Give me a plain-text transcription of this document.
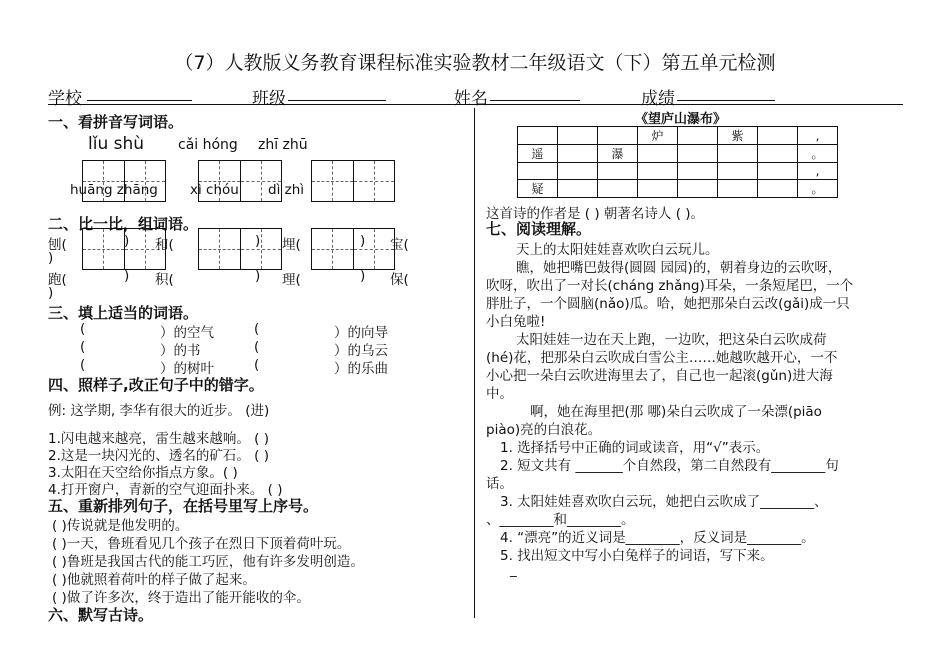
（7）人教版义务教育课程标准实验教材二年级语文（下）第五单元检测
学校	班级	姓名	成绩
一、看拼音写词语。
lǐu shù cǎi hóng zhī zhū
huāng zhāng xì chóu dì zhì
二、比一比，组词语。
刨(	) 和(	) 埋(	) 宝(
)
跑(	) 积(	) 理(	) 保(
)
三、填上适当的词语。
(	）的空气	(	）的向导
(	）的书	(	）的乌云
(	）的树叶	(	）的乐曲
四、照样子,改正句子中的错字。
例: 这学期, 李华有很大的近步。 (进)
1.闪电越来越亮，雷生越来越响。 ( )
2.这是一块闪光的、透名的矿石。 ( )
3.太阳在天空给你指点方象。( )
4.打开窗户，青新的空气迎面扑来。 ( )
五、重新排列句子，在括号里写上序号。
( )传说就是他发明的。
( )一天，鲁班看见几个孩子在烈日下顶着荷叶玩。
( )鲁班是我国古代的能工巧匠，他有许多发明创造。
( )他就照着荷叶的样子做了起来。
( )做了许多次，终于造出了能开能收的伞。
六、默写古诗。
《望庐山瀑布》
			炉		紫		,
遥		瀑					。
							,
疑							。
这首诗的作者是 ( ) 朝著名诗人 ( )。
七、阅读理解。
天上的太阳娃娃喜欢吹白云玩儿。
瞧，她把嘴巴鼓得(圆圆 园园)的，朝着身边的云吹呀，
吹呀，吹出了一对长(cháng zhǎng)耳朵，一条短尾巴，一个
胖肚子，一个圆脑(nǎo)瓜。哈，她把那朵白云改(gǎi)成一只
小白兔啦!
太阳娃娃一边在天上跑，一边吹，把这朵白云吹成荷
(hé)花，把那朵白云吹成白雪公主……她越吹越开心，一不
小心把一朵白云吹进海里去了，自己也一起滚(gǔn)进大海
中。
啊，她在海里把(那 哪)朵白云吹成了一朵漂(piāo
piào)亮的白浪花。
1. 选择括号中正确的词或读音，用“√”表示。
2. 短文共有 _______个自然段，第二自然段有________句
话。
3. 太阳娃娃喜欢吹白云玩，她把白云吹成了________、
、________和________。
4. “漂亮”的近义词是________，反义词是________。
5. 找出短文中写小白兔样子的词语，写下来。
_
